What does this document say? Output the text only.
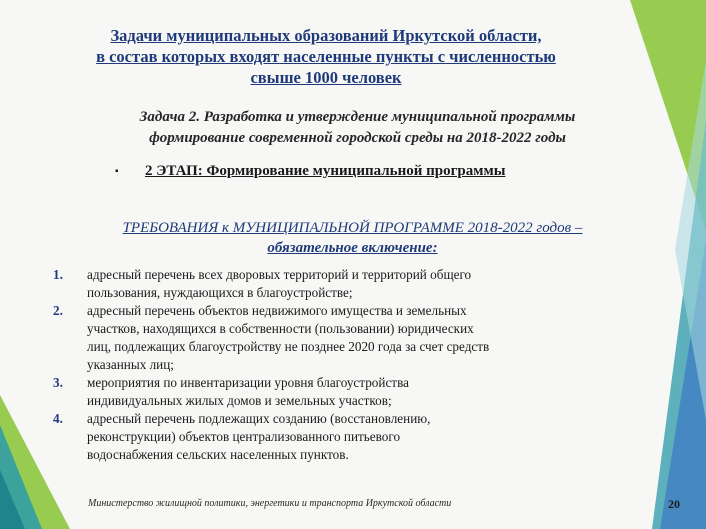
Задачи муниципальных образований Иркутской области,
в состав которых входят населенные пункты с численностью
свыше 1000 человек
Задача 2. Разработка и утверждение муниципальной программы
формирование современной городской среды на 2018-2022 годы
▪ 2 ЭТАП: Формирование муниципальной программы
ТРЕБОВАНИЯ к МУНИЦИПАЛЬНОЙ ПРОГРАММЕ 2018-2022 годов –
обязательное включение:
1.	адресный перечень всех дворовых территорий и территорий общего
пользования, нуждающихся в благоустройстве;
2.	адресный перечень объектов недвижимого имущества и земельных
участков, находящихся в собственности (пользовании) юридических
лиц, подлежащих благоустройству не позднее 2020 года за счет средств
указанных лиц;
3.	мероприятия по инвентаризации уровня благоустройства
индивидуальных жилых домов и земельных участков;
4.	адресный перечень подлежащих созданию (восстановлению,
реконструкции) объектов централизованного питьевого
водоснабжения сельских населенных пунктов.
Министерство жилищной политики, энергетики и транспорта Иркутской области	20
